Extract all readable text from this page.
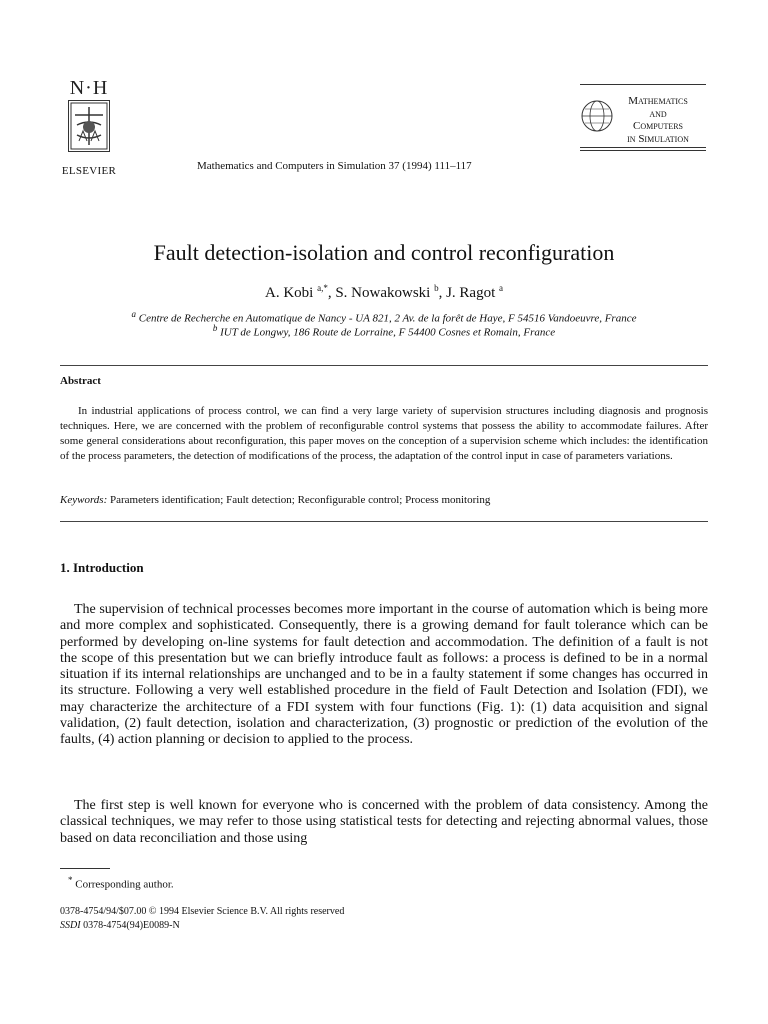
N·H
ELSEVIER	Mathematics and Computers in Simulation 37 (1994) 111–117
Mathematics
and
Computers
in Simulation
Fault detection-isolation and control reconfiguration
A. Kobi $^{a,*}$, S. Nowakowski $^b$, J. Ragot $^a$
$^a$ Centre de Recherche en Automatique de Nancy - UA 821, 2 Av. de la forêt de Haye, F 54516 Vandoeuvre, France
$^b$ IUT de Longwy, 186 Route de Lorraine, F 54400 Cosnes et Romain, France
Abstract
In industrial applications of process control, we can find a very large variety of supervision structures including diagnosis and prognosis techniques. Here, we are concerned with the problem of reconfigurable control systems that possess the ability to accommodate failures. After some general considerations about reconfiguration, this paper moves on the conception of a supervision scheme which includes: the identification of the process parameters, the detection of modifications of the process, the adaptation of the control input in case of parameters variations.
Keywords: Parameters identification; Fault detection; Reconfigurable control; Process monitoring
1. Introduction
The supervision of technical processes becomes more important in the course of automation which is being more and more complex and sophisticated. Consequently, there is a growing demand for fault tolerance which can be performed by developing on-line systems for fault detection and accommodation. The definition of a fault is not the scope of this presentation but we can briefly introduce fault as follows: a process is defined to be in a normal situation if its internal relationships are unchanged and to be in a faulty statement if some changes has occurred in its structure. Following a very well established procedure in the field of Fault Detection and Isolation (FDI), we may characterize the architecture of a FDI system with four functions (Fig. 1): (1) data acquisition and signal validation, (2) fault detection, isolation and characterization, (3) prognostic or prediction of the evolution of the faults, (4) action planning or decision to applied to the process.
The first step is well known for everyone who is concerned with the problem of data consistency. Among the classical techniques, we may refer to those using statistical tests for detecting and rejecting abnormal values, those based on data reconciliation and those using
* Corresponding author.
0378-4754/94/$07.00 © 1994 Elsevier Science B.V. All rights reserved
SSDI 0378-4754(94)E0089-N
